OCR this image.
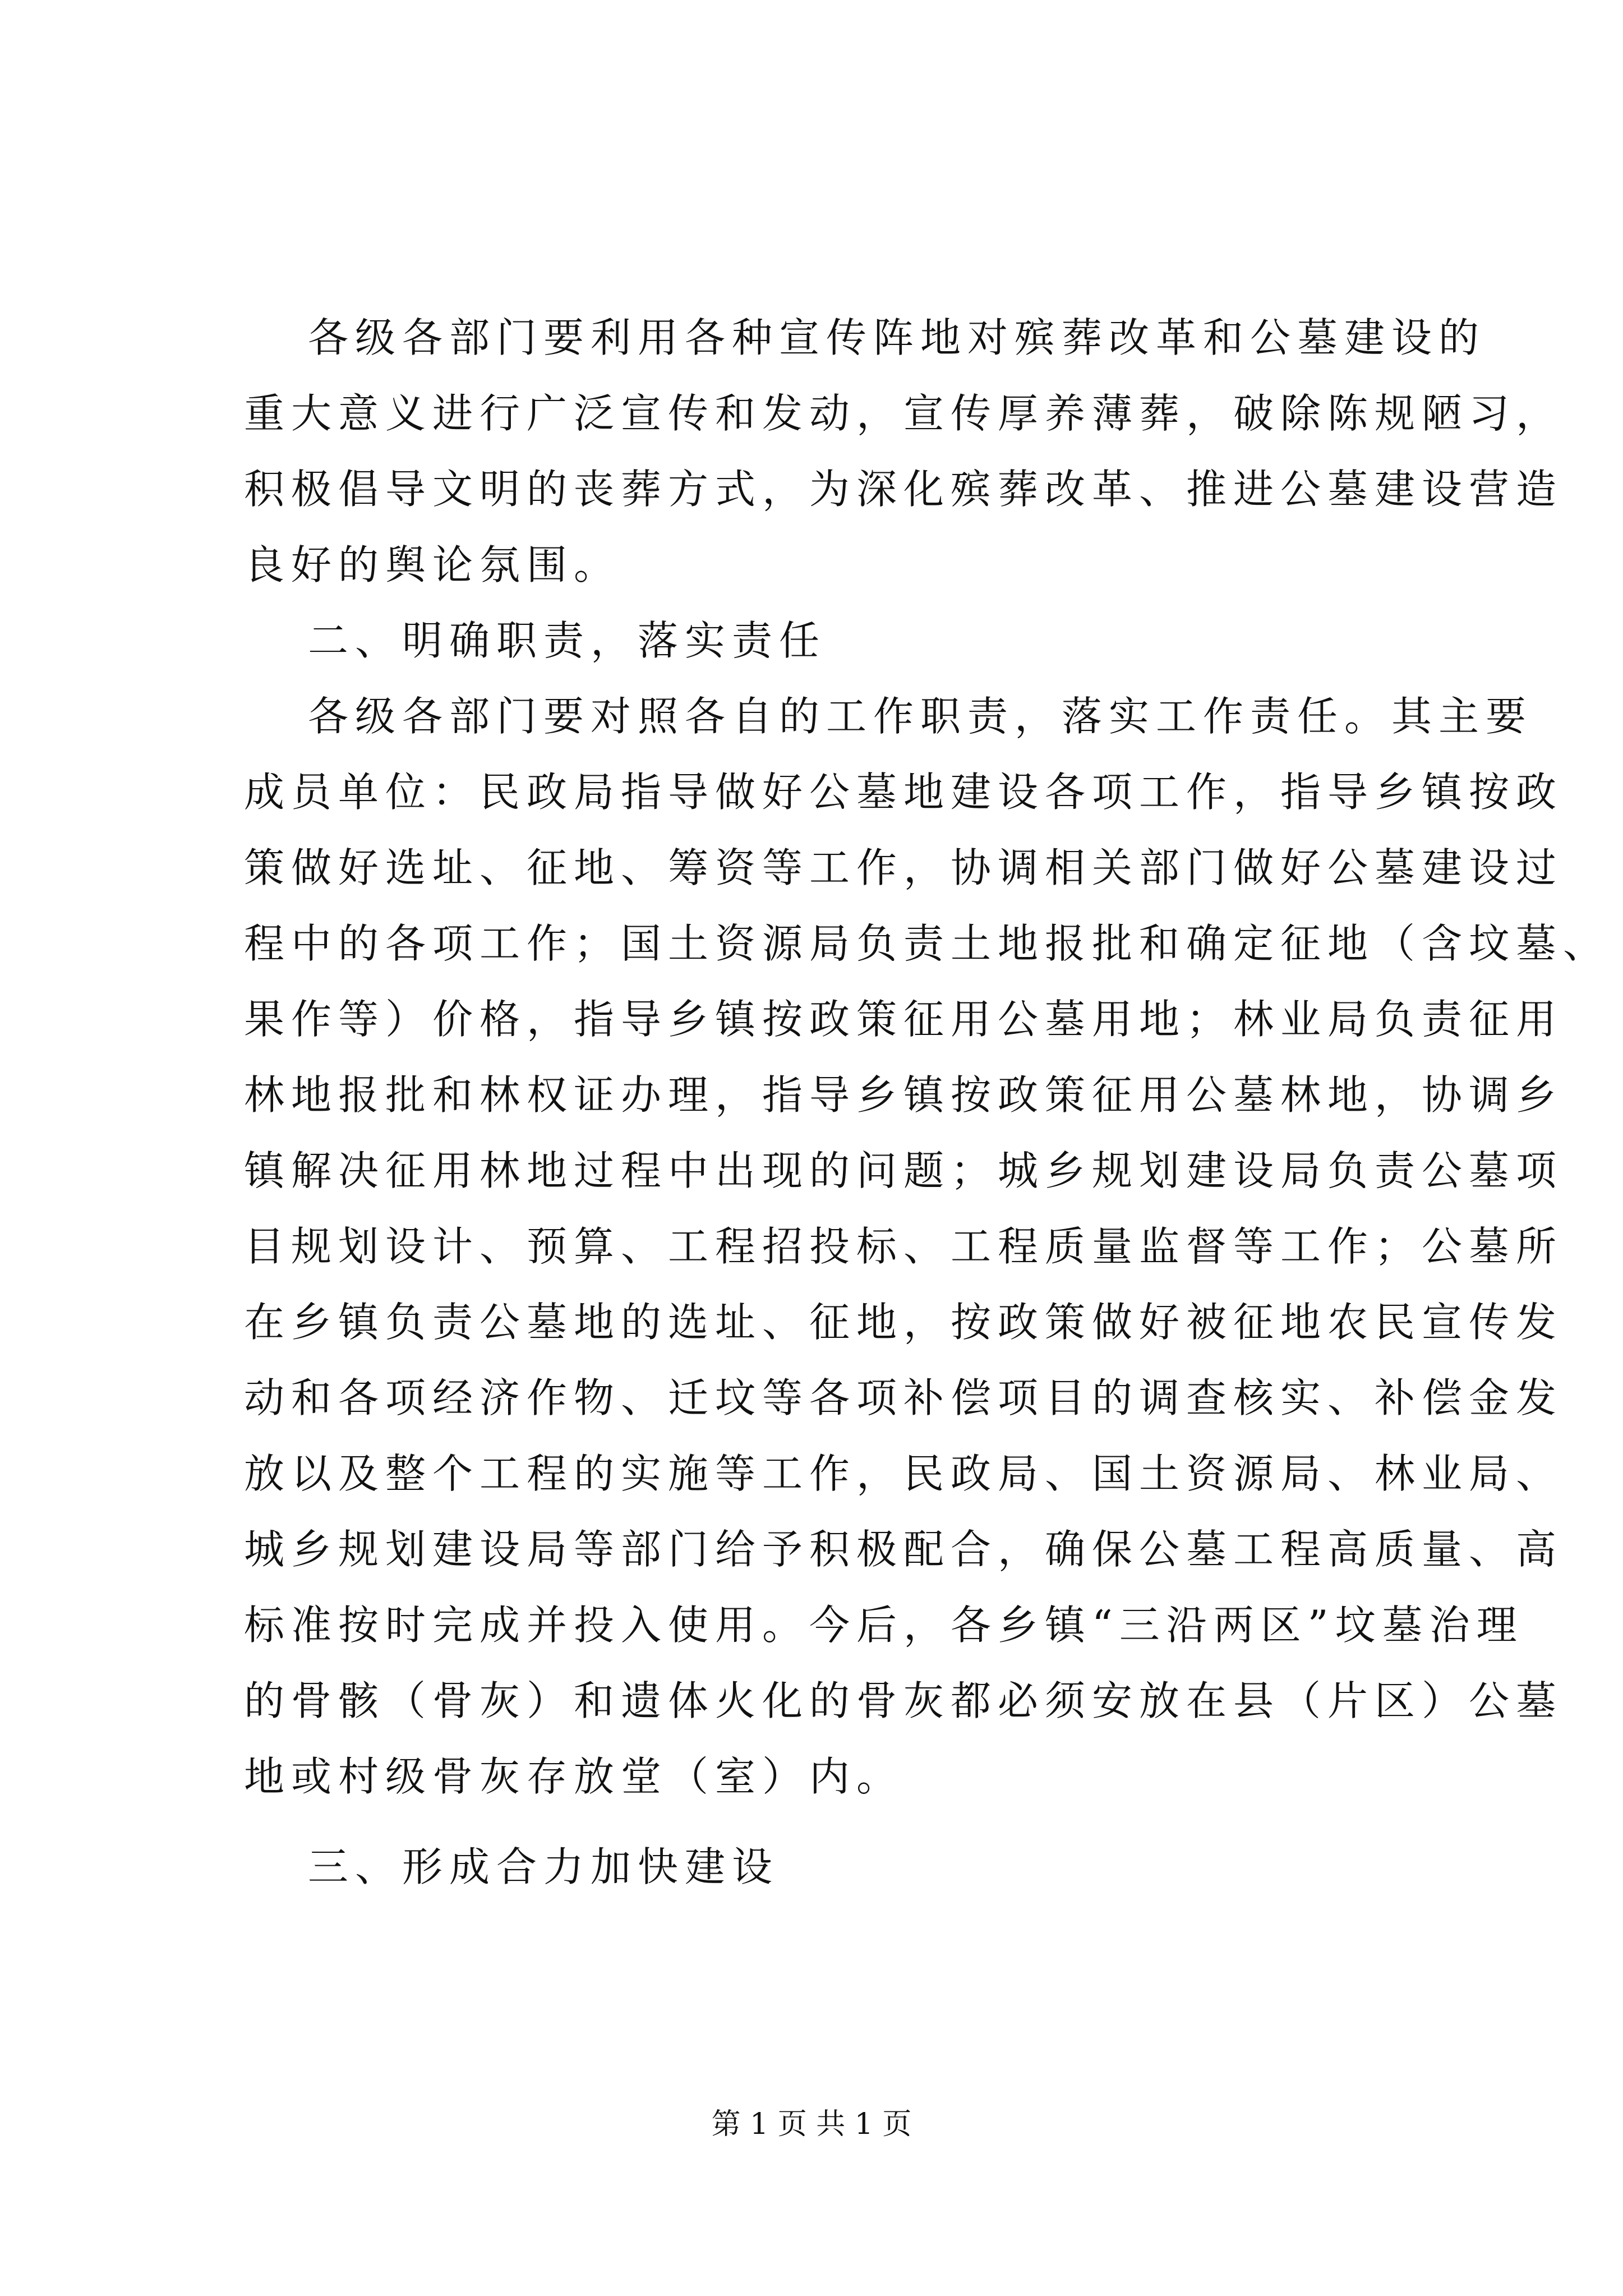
各级各部门要利用各种宣传阵地对殡葬改革和公墓建设的
重大意义进行广泛宣传和发动，宣传厚养薄葬，破除陈规陋习，
积极倡导文明的丧葬方式，为深化殡葬改革、推进公墓建设营造
良好的舆论氛围。
二、明确职责，落实责任
各级各部门要对照各自的工作职责，落实工作责任。其主要
成员单位：民政局指导做好公墓地建设各项工作，指导乡镇按政
策做好选址、征地、筹资等工作，协调相关部门做好公墓建设过
程中的各项工作；国土资源局负责土地报批和确定征地（含坟墓、
果作等）价格，指导乡镇按政策征用公墓用地；林业局负责征用
林地报批和林权证办理，指导乡镇按政策征用公墓林地，协调乡
镇解决征用林地过程中出现的问题；城乡规划建设局负责公墓项
目规划设计、预算、工程招投标、工程质量监督等工作；公墓所
在乡镇负责公墓地的选址、征地，按政策做好被征地农民宣传发
动和各项经济作物、迁坟等各项补偿项目的调查核实、补偿金发
放以及整个工程的实施等工作，民政局、国土资源局、林业局、
城乡规划建设局等部门给予积极配合，确保公墓工程高质量、高
标准按时完成并投入使用。今后，各乡镇“三沿两区”坟墓治理
的骨骸（骨灰）和遗体火化的骨灰都必须安放在县（片区）公墓
地或村级骨灰存放堂（室）内。
三、形成合力加快建设
第 1 页 共 1 页
